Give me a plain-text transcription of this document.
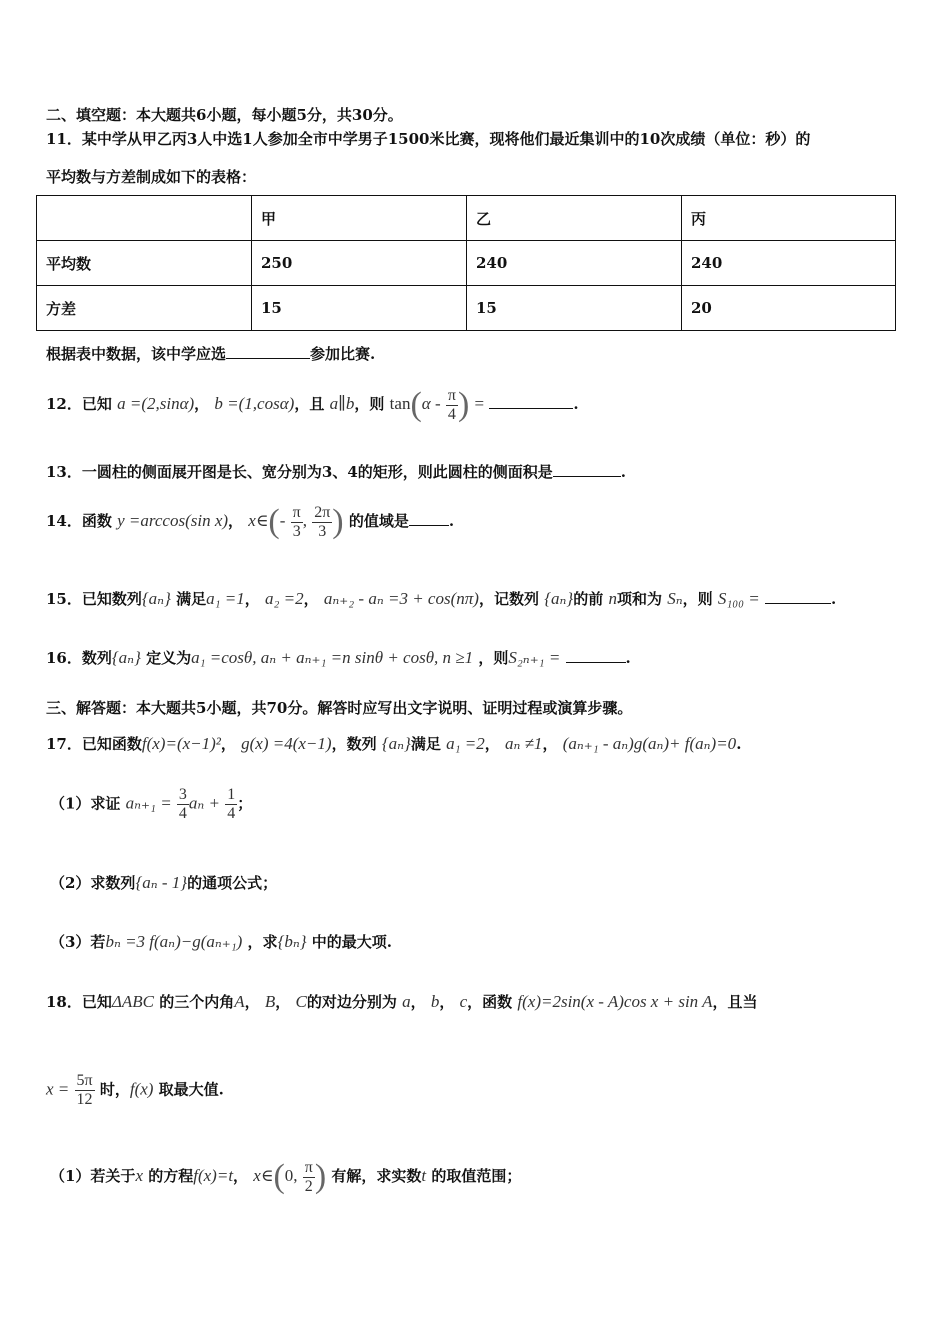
二、填空题：本大题共6小题，每小题5分，共30分。
11．某中学从甲乙丙3人中选1人参加全市中学男子1500米比赛，现将他们最近集训中的10次成绩（单位：秒）的
平均数与方差制成如下的表格：
	甲	乙	丙
平均数	250	240	240
方差	15	15	20
根据表中数据，该中学应选	参加比赛.
12．已知 a =(2,sinα)， b =(1,cosα)，且 a∥b，则 $\tan(\alpha - \frac{\pi}{4}$ ) =	.
13．一圆柱的侧面展开图是长、宽分别为3、4的矩形，则此圆柱的侧面积是	.
14．函数 y =arccos(sin x)， x∈(- $\frac{\pi}{3}$ , $\frac{2\pi}{3}$ ) 的值域是	.
15．已知数列{aₙ} 满足a₁ =1， a₂ =2， aₙ₊₂ - aₙ =3 + cos(nπ)，记数列 {aₙ}的前 n项和为 Sₙ，则 S₁₀₀ =	.
16．数列{aₙ} 定义为a₁ =cosθ, aₙ + aₙ₊₁ =n sinθ + cosθ, n ≥1 ，则S₂ₙ₊₁ =	.
三、解答题：本大题共5小题，共70分。解答时应写出文字说明、证明过程或演算步骤。
17．已知函数f(x)=(x−1)²， g(x) =4(x−1)，数列 {aₙ}满足 a₁ =2， aₙ ≠1， (aₙ₊₁ - aₙ)g(aₙ)+ f(aₙ)=0.
（1）求证 $a_{n+1} = \frac{3}{4}$ $a_n + \frac{1}{4}$ ；
（2）求数列{aₙ - 1}的通项公式；
（3）若bₙ =3 f(aₙ)−g(aₙ₊₁) ，求{bₙ} 中的最大项.
18．已知ΔABC 的三个内角A， B， C的对边分别为 a， b， c，函数 f(x)=2sin(x - A)cos x + sin A，且当
$x = \frac{5\pi}{12}$ 时，f(x) 取最大值.
（1）若关于x 的方程f(x)=t， x∈(0, $\frac{\pi}{2}$ ) 有解，求实数t 的取值范围；
